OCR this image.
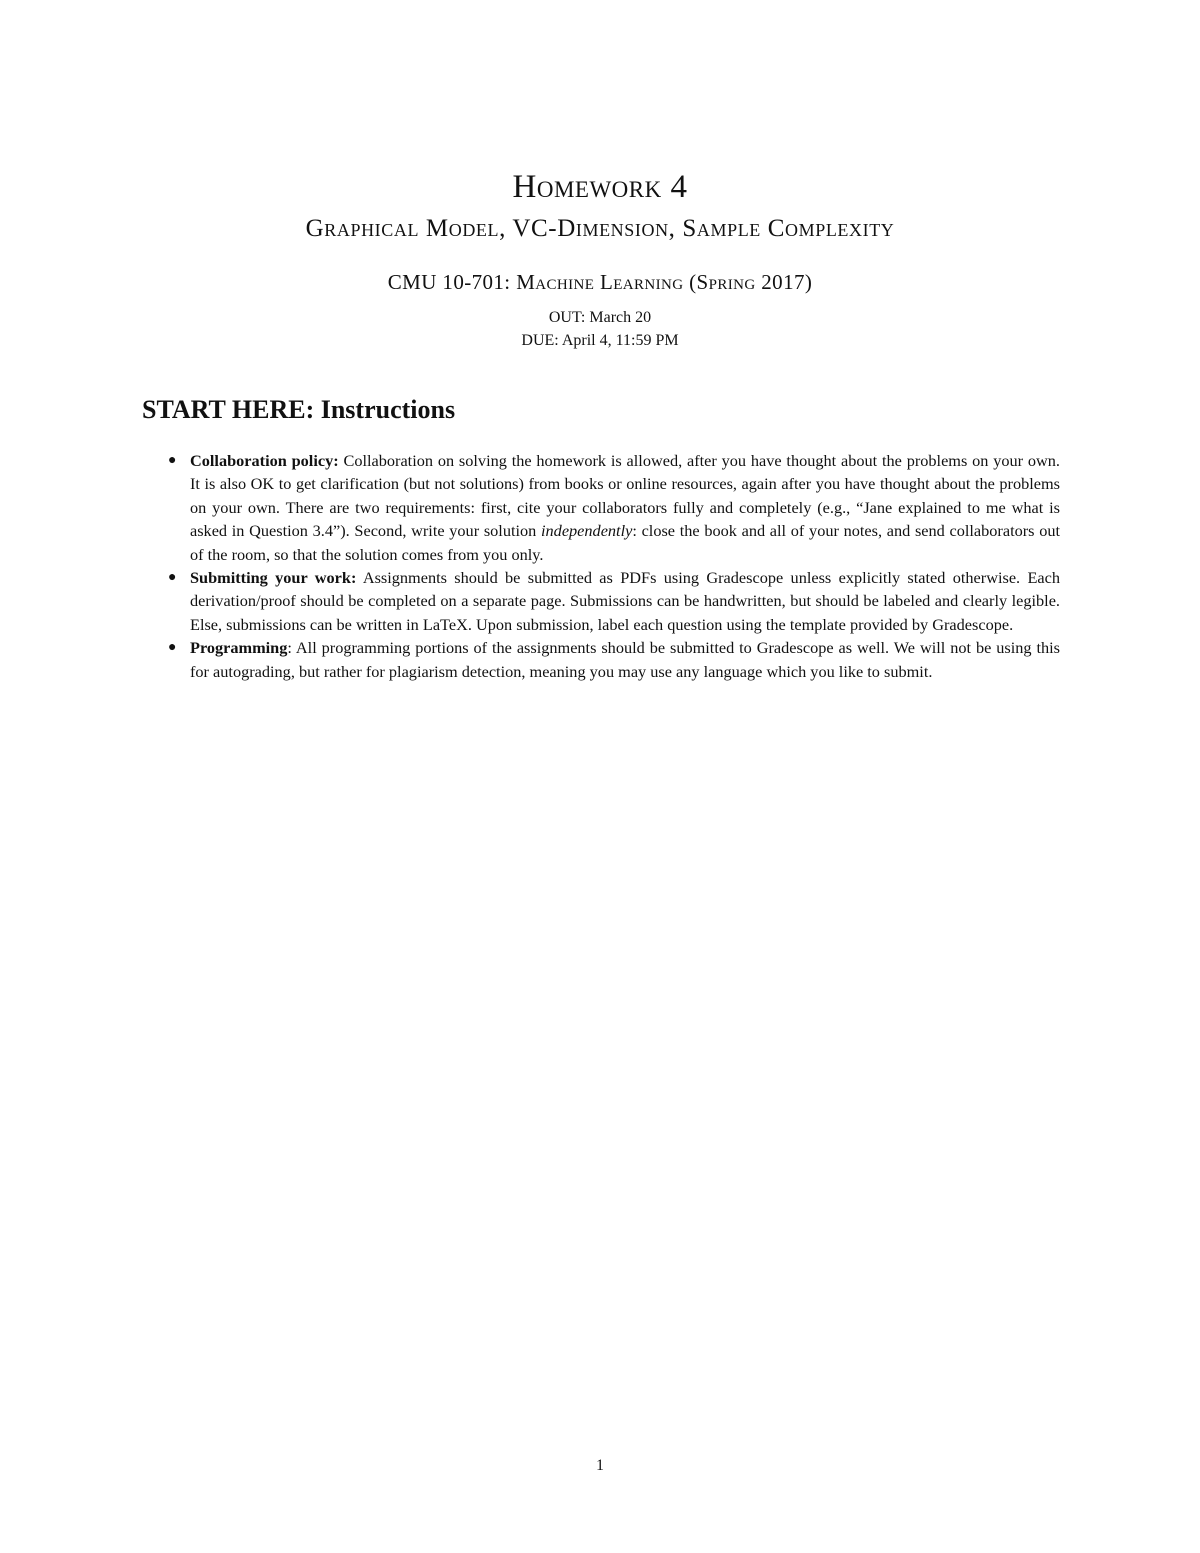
Homework 4
Graphical Model, VC-Dimension, Sample Complexity
CMU 10-701: Machine Learning (Spring 2017)
OUT: March 20
DUE: April 4, 11:59 PM
START HERE: Instructions
● Collaboration policy: Collaboration on solving the homework is allowed, after you have thought about the problems on your own. It is also OK to get clarification (but not solutions) from books or online resources, again after you have thought about the problems on your own. There are two requirements: first, cite your collaborators fully and completely (e.g., “Jane explained to me what is asked in Question 3.4”). Second, write your solution independently: close the book and all of your notes, and send collaborators out of the room, so that the solution comes from you only.
● Submitting your work: Assignments should be submitted as PDFs using Gradescope unless explicitly stated otherwise. Each derivation/proof should be completed on a separate page. Submissions can be handwritten, but should be labeled and clearly legible. Else, submissions can be written in LaTeX. Upon submission, label each question using the template provided by Gradescope.
● Programming: All programming portions of the assignments should be submitted to Gradescope as well. We will not be using this for autograding, but rather for plagiarism detection, meaning you may use any language which you like to submit.
1
